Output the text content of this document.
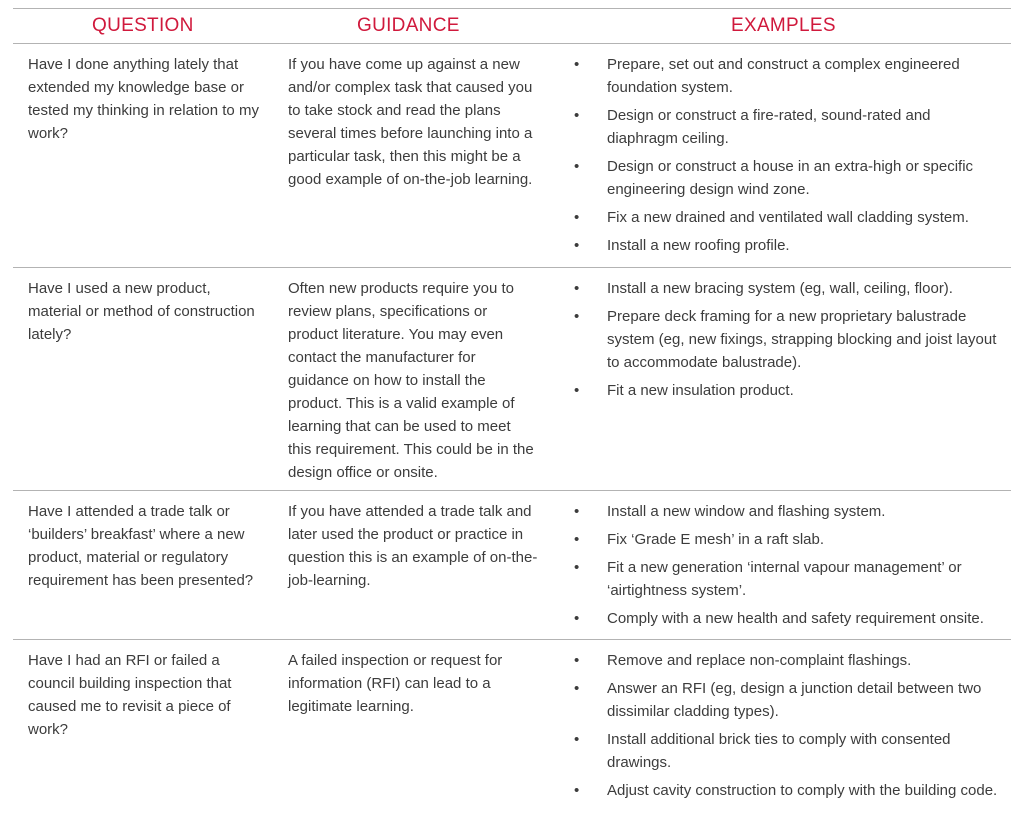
QUESTION	GUIDANCE	EXAMPLES
Have I done anything lately that extended my knowledge base or tested my thinking in relation to my work?
If you have come up against a new and/or complex task that caused you to take stock and read the plans several times before launching into a particular task, then this might be a good example of on-the-job learning.
• Prepare, set out and construct a complex engineered foundation system.
• Design or construct a fire-rated, sound-rated and diaphragm ceiling.
• Design or construct a house in an extra-high or specific engineering design wind zone.
• Fix a new drained and ventilated wall cladding system.
• Install a new roofing profile.
Have I used a new product, material or method of construction lately?
Often new products require you to review plans, specifications or product literature. You may even contact the manufacturer for guidance on how to install the product. This is a valid example of learning that can be used to meet this requirement. This could be in the design office or onsite.
• Install a new bracing system (eg, wall, ceiling, floor).
• Prepare deck framing for a new proprietary balustrade system (eg, new fixings, strapping blocking and joist layout to accommodate balustrade).
• Fit a new insulation product.
Have I attended a trade talk or ‘builders’ breakfast’ where a new product, material or regulatory requirement has been presented?
If you have attended a trade talk and later used the product or practice in question this is an example of on-the-job-learning.
• Install a new window and flashing system.
• Fix ‘Grade E mesh’ in a raft slab.
• Fit a new generation ‘internal vapour management’ or ‘airtightness system’.
• Comply with a new health and safety requirement onsite.
Have I had an RFI or failed a council building inspection that caused me to revisit a piece of work?
A failed inspection or request for information (RFI) can lead to a legitimate learning.
• Remove and replace non-complaint flashings.
• Answer an RFI (eg, design a junction detail between two dissimilar cladding types).
• Install additional brick ties to comply with consented drawings.
• Adjust cavity construction to comply with the building code.
